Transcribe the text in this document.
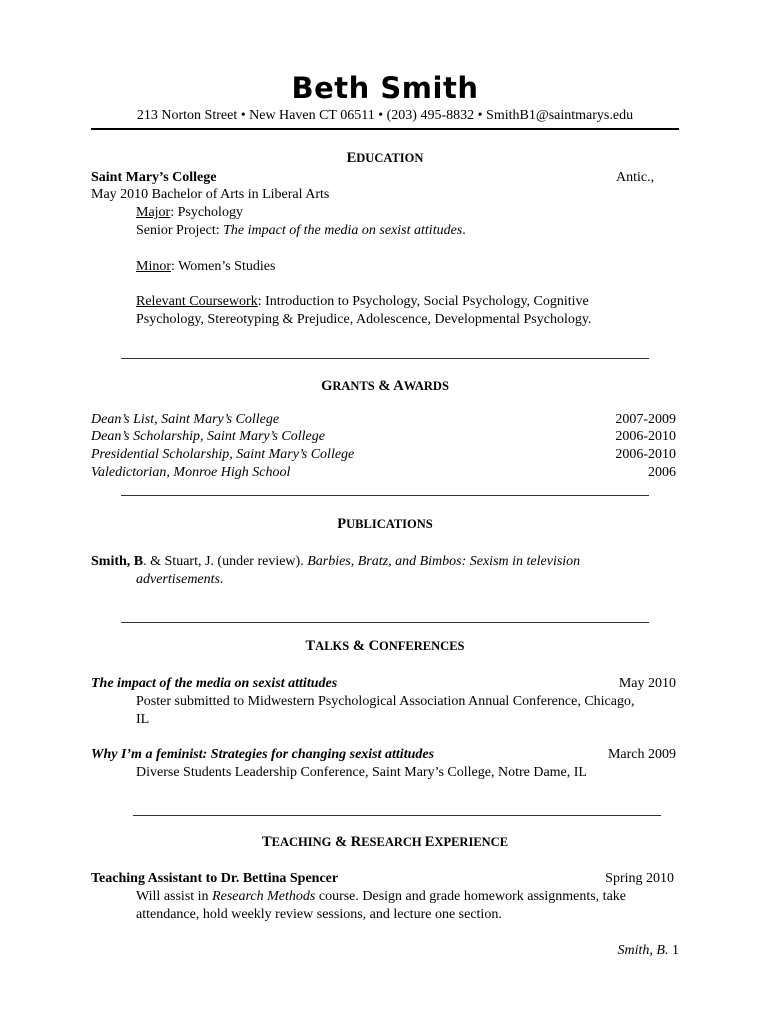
Beth Smith
213 Norton Street • New Haven CT 06511 • (203) 495-8832 • SmithB1@saintmarys.edu
EDUCATION
Saint Mary’s College	Antic.,
May 2010 Bachelor of Arts in Liberal Arts
Major: Psychology
Senior Project: The impact of the media on sexist attitudes.
Minor: Women’s Studies
Relevant Coursework: Introduction to Psychology, Social Psychology, Cognitive
Psychology, Stereotyping & Prejudice, Adolescence, Developmental Psychology.
GRANTS & AWARDS
Dean’s List, Saint Mary’s College	2007-2009
Dean’s Scholarship, Saint Mary’s College	2006-2010
Presidential Scholarship, Saint Mary’s College	2006-2010
Valedictorian, Monroe High School	2006
PUBLICATIONS
Smith, B. & Stuart, J. (under review). Barbies, Bratz, and Bimbos: Sexism in television
advertisements.
TALKS & CONFERENCES
The impact of the media on sexist attitudes	May 2010
Poster submitted to Midwestern Psychological Association Annual Conference, Chicago,
IL
Why I’m a feminist: Strategies for changing sexist attitudes	March 2009
Diverse Students Leadership Conference, Saint Mary’s College, Notre Dame, IL
TEACHING & RESEARCH EXPERIENCE
Teaching Assistant to Dr. Bettina Spencer	Spring 2010
Will assist in Research Methods course. Design and grade homework assignments, take
attendance, hold weekly review sessions, and lecture one section.
Smith, B. 1
